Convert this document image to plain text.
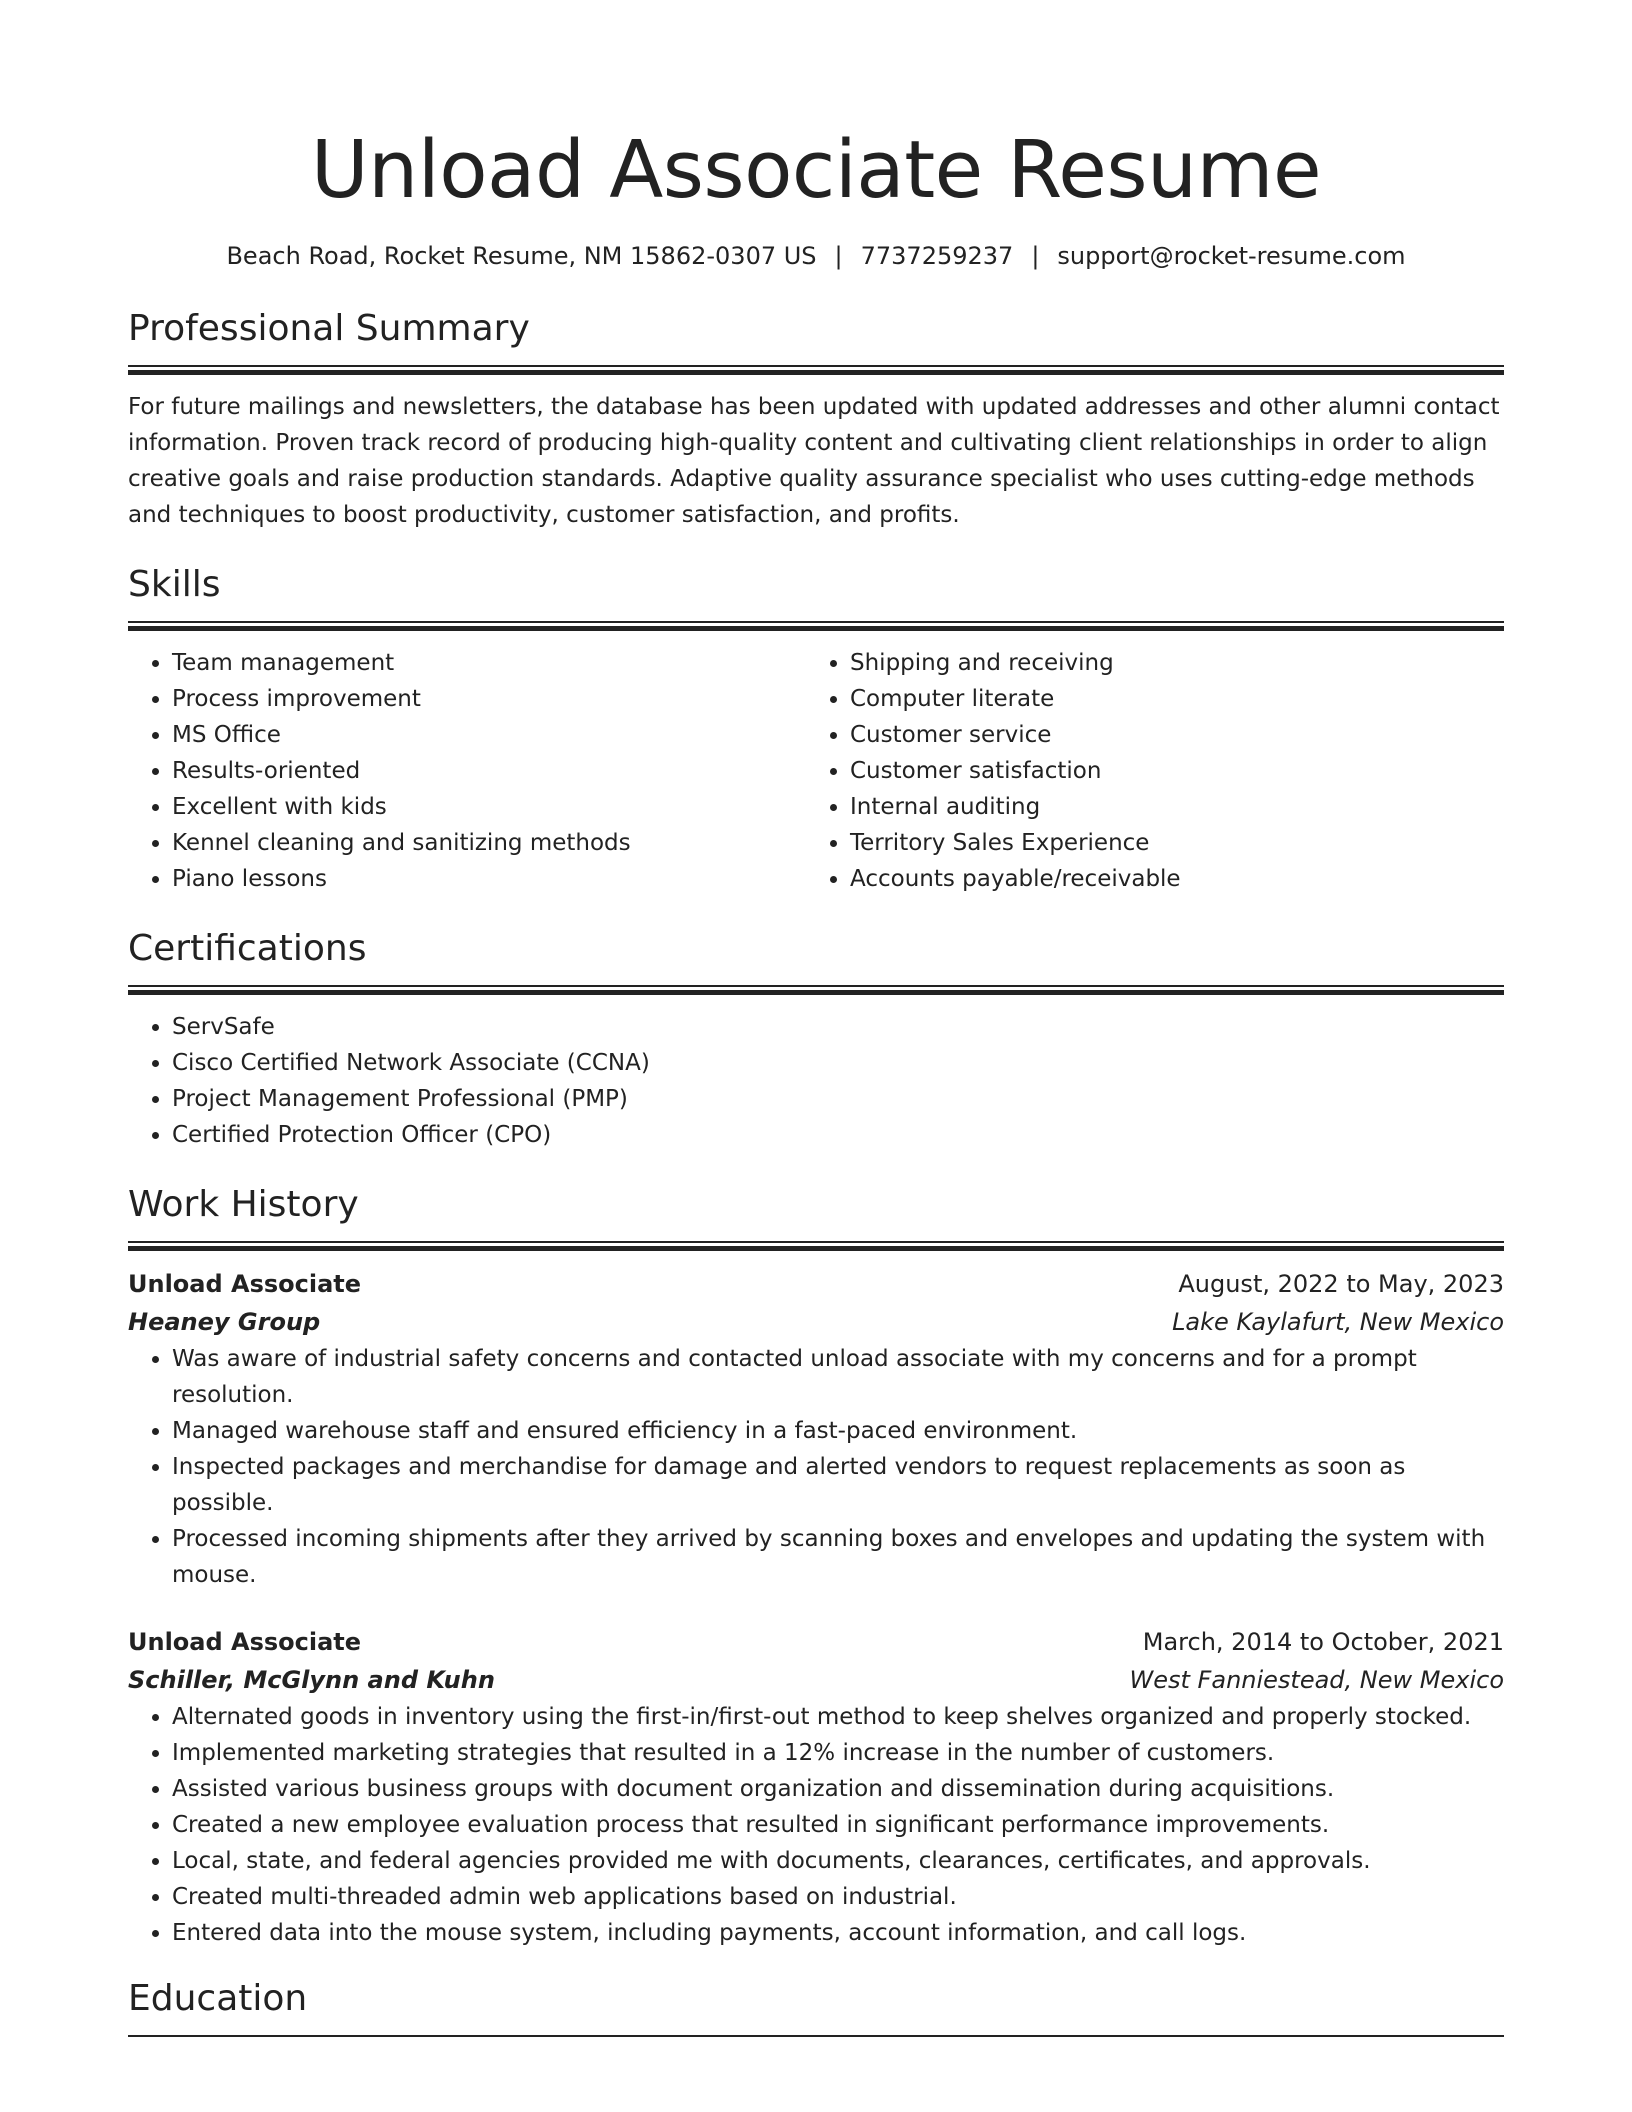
Unload Associate Resume
Beach Road, Rocket Resume, NM 15862-0307 US | 7737259237 | support@rocket-resume.com
Professional Summary

For future mailings and newsletters, the database has been updated with updated addresses and other alumni contact information. Proven track record of producing high-quality content and cultivating client relationships in order to align creative goals and raise production standards. Adaptive quality assurance specialist who uses cutting-edge methods and techniques to boost productivity, customer satisfaction, and profits.

Skills
• Team management
• Process improvement
• MS Office
• Results-oriented
• Excellent with kids
• Kennel cleaning and sanitizing methods
• Piano lessons
• Shipping and receiving
• Computer literate
• Customer service
• Customer satisfaction
• Internal auditing
• Territory Sales Experience
• Accounts payable/receivable
Certifications
• ServSafe
• Cisco Certified Network Associate (CCNA)
• Project Management Professional (PMP)
• Certified Protection Officer (CPO)
Work History
Unload Associate	August, 2022 to May, 2023
Heaney Group	Lake Kaylafurt, New Mexico
• Was aware of industrial safety concerns and contacted unload associate with my concerns and for a prompt resolution.
• Managed warehouse staff and ensured efficiency in a fast-paced environment.
• Inspected packages and merchandise for damage and alerted vendors to request replacements as soon as possible.
• Processed incoming shipments after they arrived by scanning boxes and envelopes and updating the system with mouse.
Unload Associate	March, 2014 to October, 2021
Schiller, McGlynn and Kuhn	West Fanniestead, New Mexico
• Alternated goods in inventory using the first-in/first-out method to keep shelves organized and properly stocked.
• Implemented marketing strategies that resulted in a 12% increase in the number of customers.
• Assisted various business groups with document organization and dissemination during acquisitions.
• Created a new employee evaluation process that resulted in significant performance improvements.
• Local, state, and federal agencies provided me with documents, clearances, certificates, and approvals.
• Created multi-threaded admin web applications based on industrial.
• Entered data into the mouse system, including payments, account information, and call logs.
Education
